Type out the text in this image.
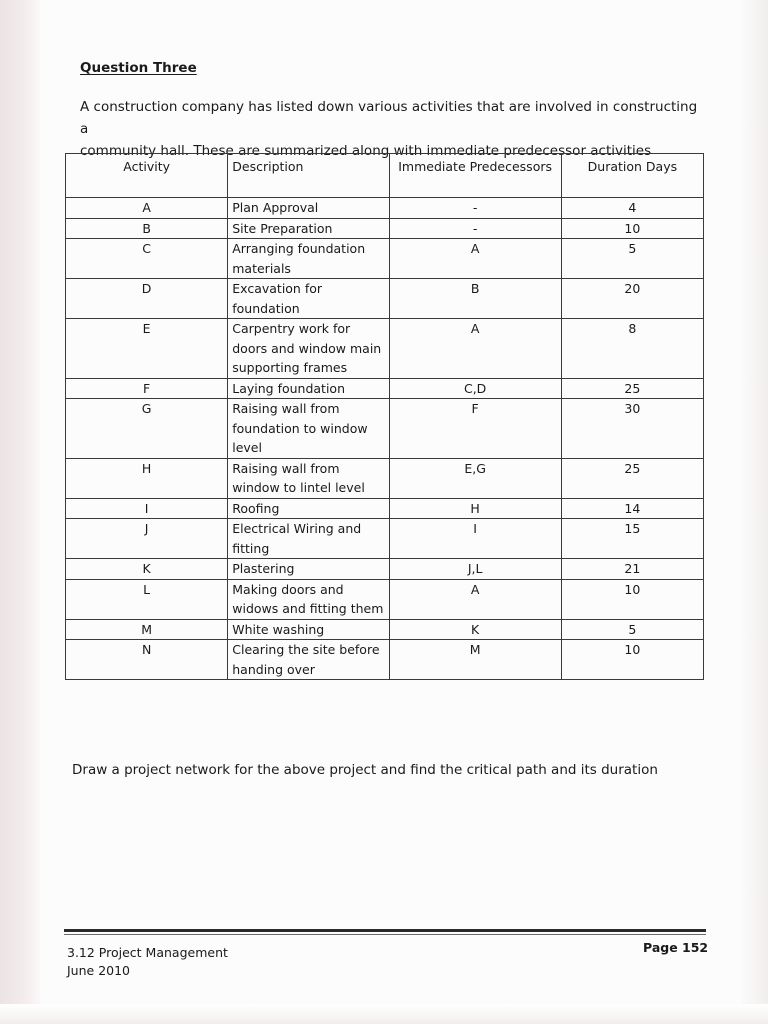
Question Three
A construction company has listed down various activities that are involved in constructing a
community hall. These are summarized along with immediate predecessor activities
Activity	Description	Immediate Predecessors	Duration Days
A	Plan Approval	-	4
B	Site Preparation	-	10
C	Arranging foundation materials	A	5
D	Excavation for foundation	B	20
E	Carpentry work for doors and window main supporting frames	A	8
F	Laying foundation	C,D	25
G	Raising wall from foundation to window level	F	30
H	Raising wall from window to lintel level	E,G	25
I	Roofing	H	14
J	Electrical Wiring and fitting	I	15
K	Plastering	J,L	21
L	Making doors and widows and fitting them	A	10
M	White washing	K	5
N	Clearing the site before handing over	M	10
Draw a project network for the above project and find the critical path and its duration
3.12 Project Management
June 2010
Page 152
